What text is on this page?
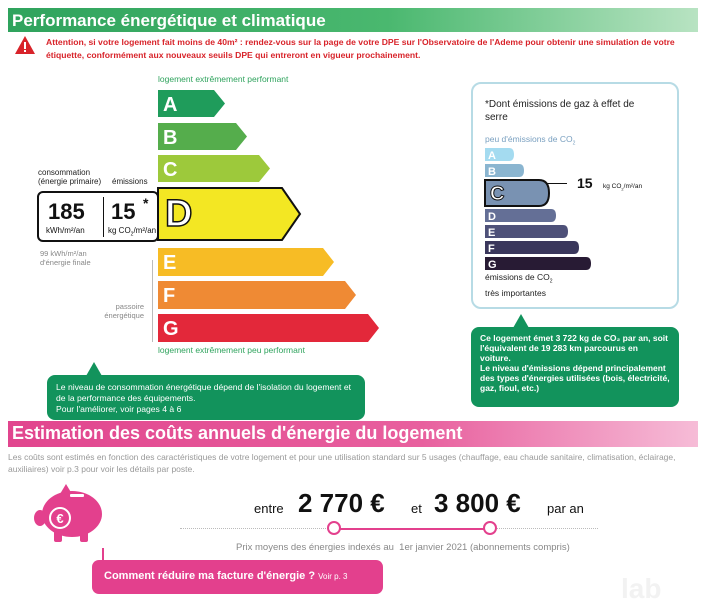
Performance énergétique et climatique
Attention, si votre logement fait moins de 40m² : rendez-vous sur la page de votre DPE sur l'Observatoire de l'Ademe pour obtenir une simulation de votre étiquette, conformément aux nouveaux seuils DPE qui entreront en vigueur prochainement.
logement extrêmement performant
A
B
C
D
E
F
G
logement extrêmement peu performant
consommation
(énergie primaire) émissions
185
kWh/m²/an
15 *
kg $CO_2/m^2/an$
99 kWh/m²/an
d'énergie finale
passoire
énergétique
Le niveau de consommation énergétique dépend de l'isolation du logement et de la performance des équipements.
Pour l'améliorer, voir pages 4 à 6
*Dont émissions de gaz à effet de serre
peu d'émissions de $CO_2$
A
B
C
D
E
F
G
15 kg $CO_2/m^2/an$
émissions de $CO_2$
très importantes
Ce logement émet 3 722 kg de CO₂ par an, soit l'équivalent de 19 283 km parcourus en voiture.
Le niveau d'émissions dépend principalement des types d'énergies utilisées (bois, électricité, gaz, fioul, etc.)
Estimation des coûts annuels d'énergie du logement
Les coûts sont estimés en fonction des caractéristiques de votre logement et pour une utilisation standard sur 5 usages (chauffage, eau chaude sanitaire, climatisation, éclairage, auxiliaires) voir p.3 pour voir les détails par poste.
€
entre 2 770 € et 3 800 € par an
Prix moyens des énergies indexés au  1er janvier 2021 (abonnements compris)
Comment réduire ma facture d'énergie ? Voir p. 3	lab
